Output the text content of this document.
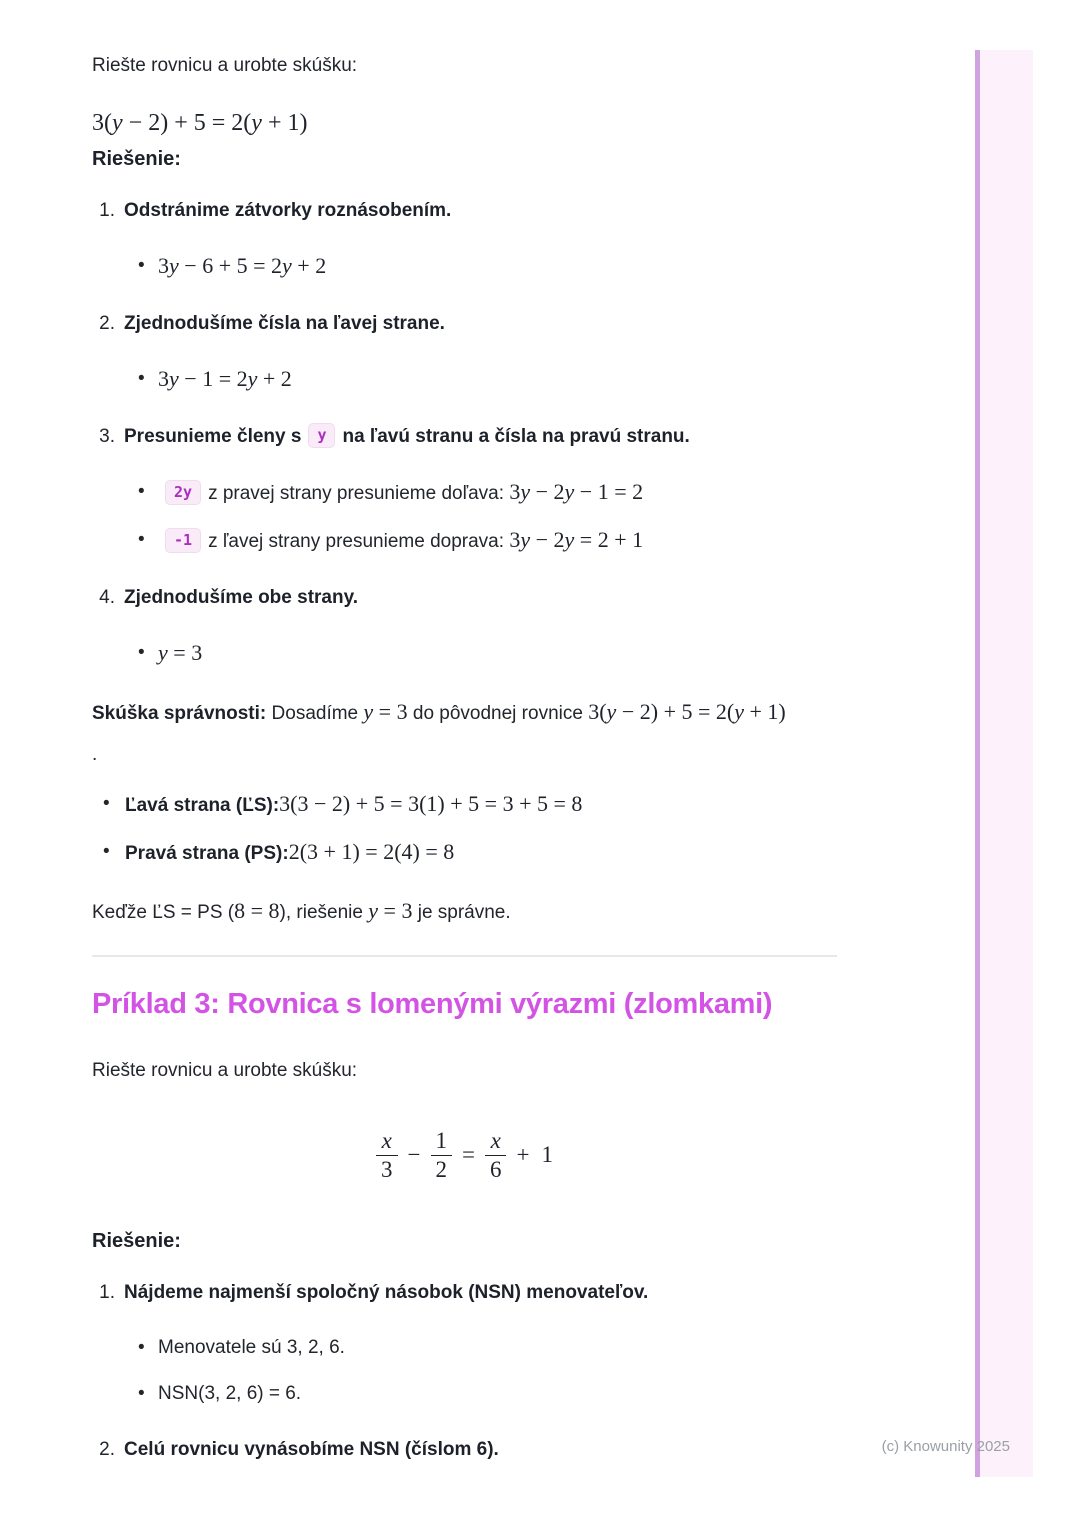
Riešte rovnicu a urobte skúšku:

3(y − 2) + 5 = 2(y + 1)

Riešenie:

1. Odstránime zátvorky roznásobením.

• 3y − 6 + 5 = 2y + 2
2. Zjednodušíme čísla na ľavej strane.

• 3y − 1 = 2y + 2
3. Presunieme členy s y na ľavú stranu a čísla na pravú stranu.

• 2y z pravej strany presunieme doľava: 3y − 2y − 1 = 2
• -1 z ľavej strany presunieme doprava: 3y − 2y = 2 + 1
4. Zjednodušíme obe strany.

• y = 3

Skúška správnosti: Dosadíme y = 3 do pôvodnej rovnice 3(y − 2) + 5 = 2(y + 1)

.

• Ľavá strana (ĽS):3(3 − 2) + 5 = 3(1) + 5 = 3 + 5 = 8
• Pravá strana (PS):2(3 + 1) = 2(4) = 8

Keďže ĽS = PS (8 = 8), riešenie y = 3 je správne.

Príklad 3: Rovnica s lomenými výrazmi (zlomkami)

Riešte rovnicu a urobte skúšku:

$\frac{x}{3} - \frac{1}{2} = \frac{x}{6} + 1$

Riešenie:

1. Nájdeme najmenší spoločný násobok (NSN) menovateľov.

• Menovatele sú 3, 2, 6.
• NSN(3, 2, 6) = 6.
2. Celú rovnicu vynásobíme NSN (číslom 6).	(c) Knowunity 2025
